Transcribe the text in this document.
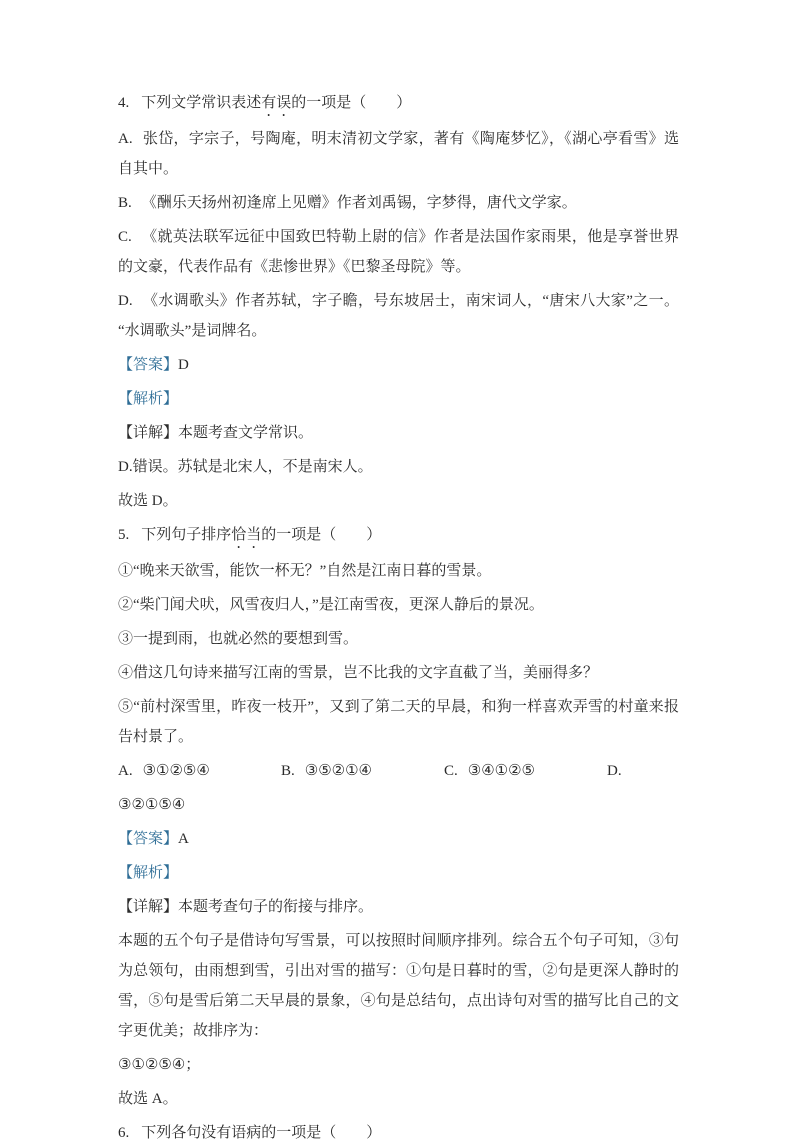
4. 下列文学常识表述有误的一项是（　　）

A. 张岱，字宗子，号陶庵，明末清初文学家，著有《陶庵梦忆》，《湖心亭看雪》选自其中。

B. 《酬乐天扬州初逢席上见赠》作者刘禹锡，字梦得，唐代文学家。

C. 《就英法联军远征中国致巴特勒上尉的信》作者是法国作家雨果，他是享誉世界的文豪，代表作品有《悲惨世界》《巴黎圣母院》等。

D. 《水调歌头》作者苏轼，字子瞻，号东坡居士，南宋词人，“唐宋八大家”之一。“水调歌头”是词牌名。

【答案】D

【解析】

【详解】本题考查文学常识。

D.错误。苏轼是北宋人，不是南宋人。

故选 D。

5. 下列句子排序恰当的一项是（　　）

①“晚来天欲雪，能饮一杯无？”自然是江南日暮的雪景。

②“柴门闻犬吠，风雪夜归人，”是江南雪夜，更深人静后的景况。

③一提到雨，也就必然的要想到雪。

④借这几句诗来描写江南的雪景，岂不比我的文字直截了当，美丽得多？

⑤“前村深雪里，昨夜一枝开”，又到了第二天的早晨，和狗一样喜欢弄雪的村童来报告村景了。

A. ③①②⑤④	B. ③⑤②①④	C. ③④①②⑤	D.

③②①⑤④

【答案】A

【解析】

【详解】本题考查句子的衔接与排序。

本题的五个句子是借诗句写雪景，可以按照时间顺序排列。综合五个句子可知，③句为总领句，由雨想到雪，引出对雪的描写：①句是日暮时的雪，②句是更深人静时的雪，⑤句是雪后第二天早晨的景象，④句是总结句，点出诗句对雪的描写比自己的文字更优美；故排序为：

③①②⑤④；

故选 A。

6. 下列各句没有语病的一项是（　　）
